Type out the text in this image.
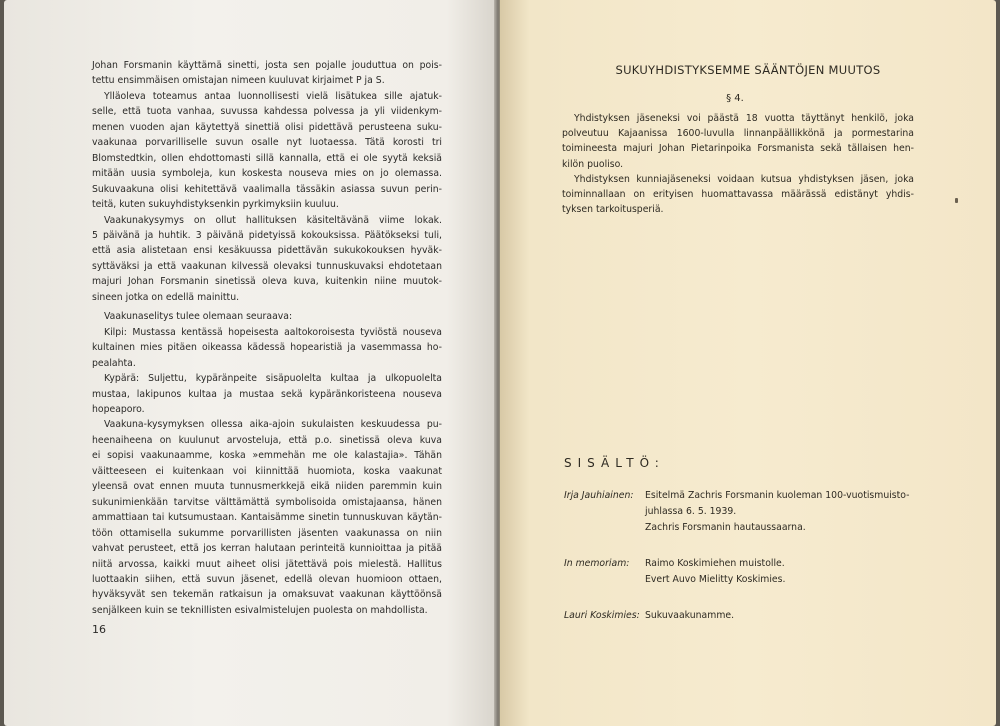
Johan Forsmanin käyttämä sinetti, josta sen pojalle jouduttua on pois-
tettu ensimmäisen omistajan nimeen kuuluvat kirjaimet P ja S.
Ylläoleva toteamus antaa luonnollisesti vielä lisätukea sille ajatuk-
selle, että tuota vanhaa, suvussa kahdessa polvessa ja yli viidenkym-
menen vuoden ajan käytettyä sinettiä olisi pidettävä perusteena suku-
vaakunaa porvarilliselle suvun osalle nyt luotaessa. Tätä korosti tri
Blomstedtkin, ollen ehdottomasti sillä kannalla, että ei ole syytä keksiä
mitään uusia symboleja, kun koskesta nouseva mies on jo olemassa.
Sukuvaakuna olisi kehitettävä vaalimalla tässäkin asiassa suvun perin-
teitä, kuten sukuyhdistyksenkin pyrkimyksiin kuuluu.
Vaakunakysymys on ollut hallituksen käsiteltävänä viime lokak.
5 päivänä ja huhtik. 3 päivänä pidetyissä kokouksissa. Päätökseksi tuli,
että asia alistetaan ensi kesäkuussa pidettävän sukukokouksen hyväk-
syttäväksi ja että vaakunan kilvessä olevaksi tunnuskuvaksi ehdotetaan
majuri Johan Forsmanin sinetissä oleva kuva, kuitenkin niine muutok-
sineen jotka on edellä mainittu.
Vaakunaselitys tulee olemaan seuraava:
Kilpi: Mustassa kentässä hopeisesta aaltokoroisesta tyviöstä nouseva
kultainen mies pitäen oikeassa kädessä hopearistiä ja vasemmassa ho-
pealahta.
Kypärä: Suljettu, kypäränpeite sisäpuolelta kultaa ja ulkopuolelta
mustaa, lakipunos kultaa ja mustaa sekä kypäränkoristeena nouseva
hopeaporo.
Vaakuna-kysymyksen ollessa aika-ajoin sukulaisten keskuudessa pu-
heenaiheena on kuulunut arvosteluja, että p.o. sinetissä oleva kuva
ei sopisi vaakunaamme, koska »emmehän me ole kalastajia». Tähän
väitteeseen ei kuitenkaan voi kiinnittää huomiota, koska vaakunat
yleensä ovat ennen muuta tunnusmerkkejä eikä niiden paremmin kuin
sukunimienkään tarvitse välttämättä symbolisoida omistajaansa, hänen
ammattiaan tai kutsumustaan. Kantaisämme sinetin tunnuskuvan käytän-
töön ottamisella sukumme porvarillisten jäsenten vaakunassa on niin
vahvat perusteet, että jos kerran halutaan perinteitä kunnioittaa ja pitää
niitä arvossa, kaikki muut aiheet olisi jätettävä pois mielestä. Hallitus
luottaakin siihen, että suvun jäsenet, edellä olevan huomioon ottaen,
hyväksyvät sen tekemän ratkaisun ja omaksuvat vaakunan käyttöönsä
senjälkeen kuin se teknillisten esivalmistelujen puolesta on mahdollista.
16
SUKUYHDISTYKSEMME SÄÄNTÖJEN MUUTOS
§ 4.
Yhdistyksen jäseneksi voi päästä 18 vuotta täyttänyt henkilö, joka
polveutuu Kajaanissa 1600-luvulla linnanpäällikkönä ja pormestarina
toimineesta majuri Johan Pietarinpoika Forsmanista sekä tällaisen hen-
kilön puoliso.
Yhdistyksen kunniajäseneksi voidaan kutsua yhdistyksen jäsen, joka
toiminnallaan on erityisen huomattavassa määrässä edistänyt yhdis-
tyksen tarkoitusperiä.
SISÄLTÖ:
Irja Jauhiainen: Esitelmä Zachris Forsmanin kuoleman 100-vuotismuisto-
juhlassa 6. 5. 1939.
Zachris Forsmanin hautaussaarna.
In memoriam: Raimo Koskimiehen muistolle.
Evert Auvo Mielitty Koskimies.
Lauri Koskimies: Sukuvaakunamme.
